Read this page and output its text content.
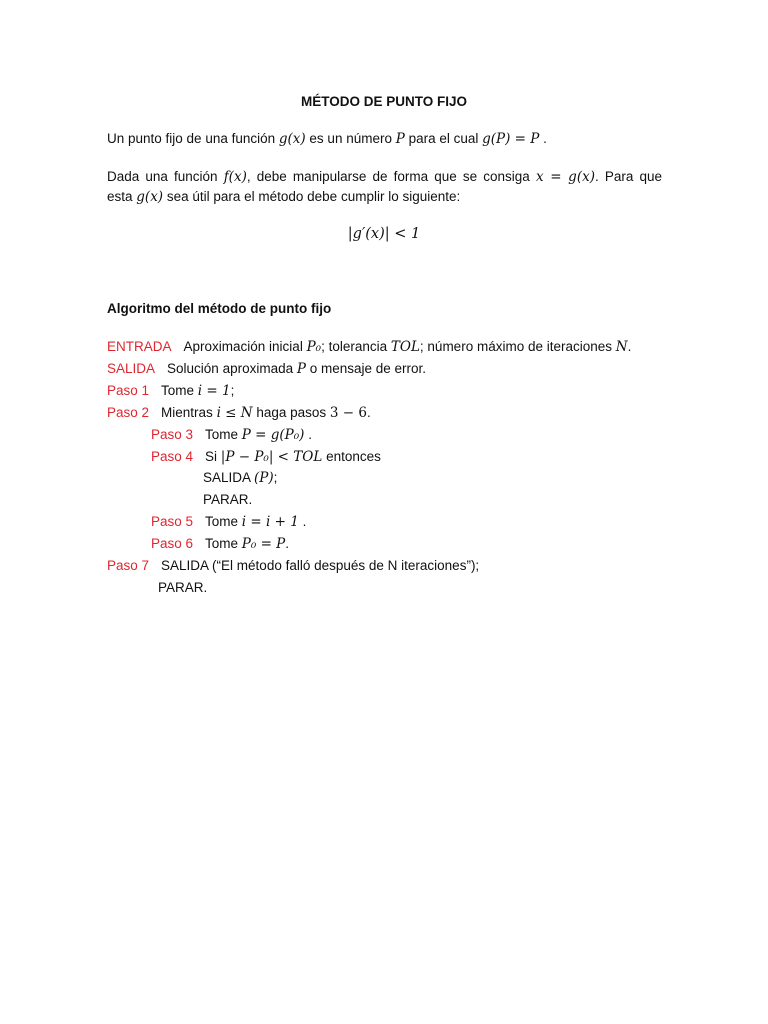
MÉTODO DE PUNTO FIJO
Un punto fijo de una función g(x) es un número P para el cual g(P) = P .
Dada una función f(x), debe manipularse de forma que se consiga x = g(x). Para que
esta g(x) sea útil para el método debe cumplir lo siguiente:
|g′(x)| < 1
Algoritmo del método de punto fijo
ENTRADA Aproximación inicial P₀; tolerancia TOL; número máximo de iteraciones N.
SALIDA Solución aproximada P o mensaje de error.
Paso 1 Tome i = 1;
Paso 2 Mientras i ≤ N haga pasos 3 − 6.
Paso 3 Tome P = g(P₀) .
Paso 4 Si |P − P₀| < TOL entonces
SALIDA (P);
PARAR.
Paso 5 Tome i = i + 1 .
Paso 6 Tome P₀ = P.
Paso 7 SALIDA (“El método falló después de N iteraciones”);
PARAR.
